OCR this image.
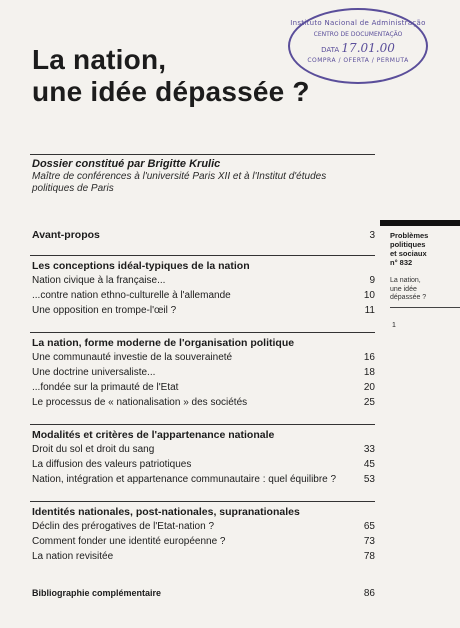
La nation,
une idée dépassée ?
Instituto Nacional de Administração
CENTRO DE DOCUMENTAÇÃO
DATA 17.01.00
COMPRA / OFERTA / PERMUTA
Dossier constitué par Brigitte Krulic
Maître de conférences à l'université Paris XII et à l'Institut d'études politiques de Paris
Avant-propos	3
Les conceptions idéal-typiques de la nation
Nation civique à la française...	9
...contre nation ethno-culturelle à l'allemande	10
Une opposition en trompe-l'œil ?	11
La nation, forme moderne de l'organisation politique
Une communauté investie de la souveraineté	16
Une doctrine universaliste...	18
...fondée sur la primauté de l'Etat	20
Le processus de « nationalisation » des sociétés	25
Modalités et critères de l'appartenance nationale
Droit du sol et droit du sang	33
La diffusion des valeurs patriotiques	45
Nation, intégration et appartenance communautaire : quel équilibre ?	53
Identités nationales, post-nationales, supranationales
Déclin des prérogatives de l'Etat-nation ?	65
Comment fonder une identité européenne ?	73
La nation revisitée	78
Bibliographie complémentaire	86
Problèmes
politiques
et sociaux
n° 832
La nation,
une idée
dépassée ?
1
